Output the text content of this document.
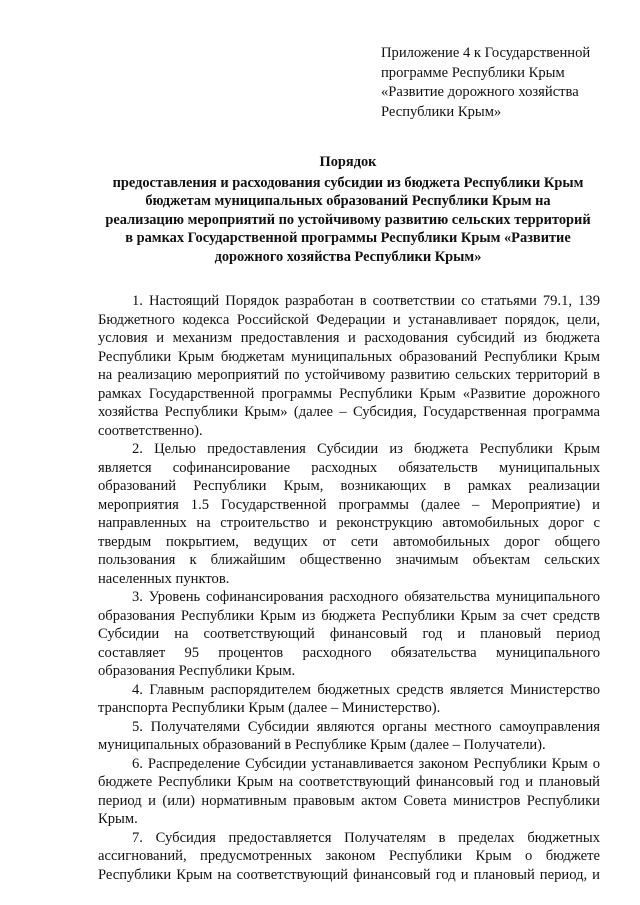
Приложение 4 к Государственной
программе Республики Крым
«Развитие дорожного хозяйства
Республики Крым»
Порядок
предоставления и расходования субсидии из бюджета Республики Крым
бюджетам муниципальных образований Республики Крым на
реализацию мероприятий по устойчивому развитию сельских территорий
в рамках Государственной программы Республики Крым «Развитие
дорожного хозяйства Республики Крым»
1. Настоящий Порядок разработан в соответствии со статьями 79.1, 139
Бюджетного кодекса Российской Федерации и устанавливает порядок, цели,
условия и механизм предоставления и расходования субсидий из бюджета
Республики Крым бюджетам муниципальных образований Республики Крым
на реализацию мероприятий по устойчивому развитию сельских территорий в
рамках Государственной программы Республики Крым «Развитие дорожного
хозяйства Республики Крым» (далее – Субсидия, Государственная программа
соответственно).
2. Целью предоставления Субсидии из бюджета Республики Крым
является софинансирование расходных обязательств муниципальных
образований Республики Крым, возникающих в рамках реализации
мероприятия 1.5 Государственной программы (далее – Мероприятие) и
направленных на строительство и реконструкцию автомобильных дорог с
твердым покрытием, ведущих от сети автомобильных дорог общего
пользования к ближайшим общественно значимым объектам сельских
населенных пунктов.
3. Уровень софинансирования расходного обязательства муниципального
образования Республики Крым из бюджета Республики Крым за счет средств
Субсидии на соответствующий финансовый год и плановый период
составляет 95 процентов расходного обязательства муниципального
образования Республики Крым.
4. Главным распорядителем бюджетных средств является Министерство
транспорта Республики Крым (далее – Министерство).
5. Получателями Субсидии являются органы местного самоуправления
муниципальных образований в Республике Крым (далее – Получатели).
6. Распределение Субсидии устанавливается законом Республики Крым о
бюджете Республики Крым на соответствующий финансовый год и плановый
период и (или) нормативным правовым актом Совета министров Республики
Крым.
7. Субсидия предоставляется Получателям в пределах бюджетных
ассигнований, предусмотренных законом Республики Крым о бюджете
Республики Крым на соответствующий финансовый год и плановый период, и
